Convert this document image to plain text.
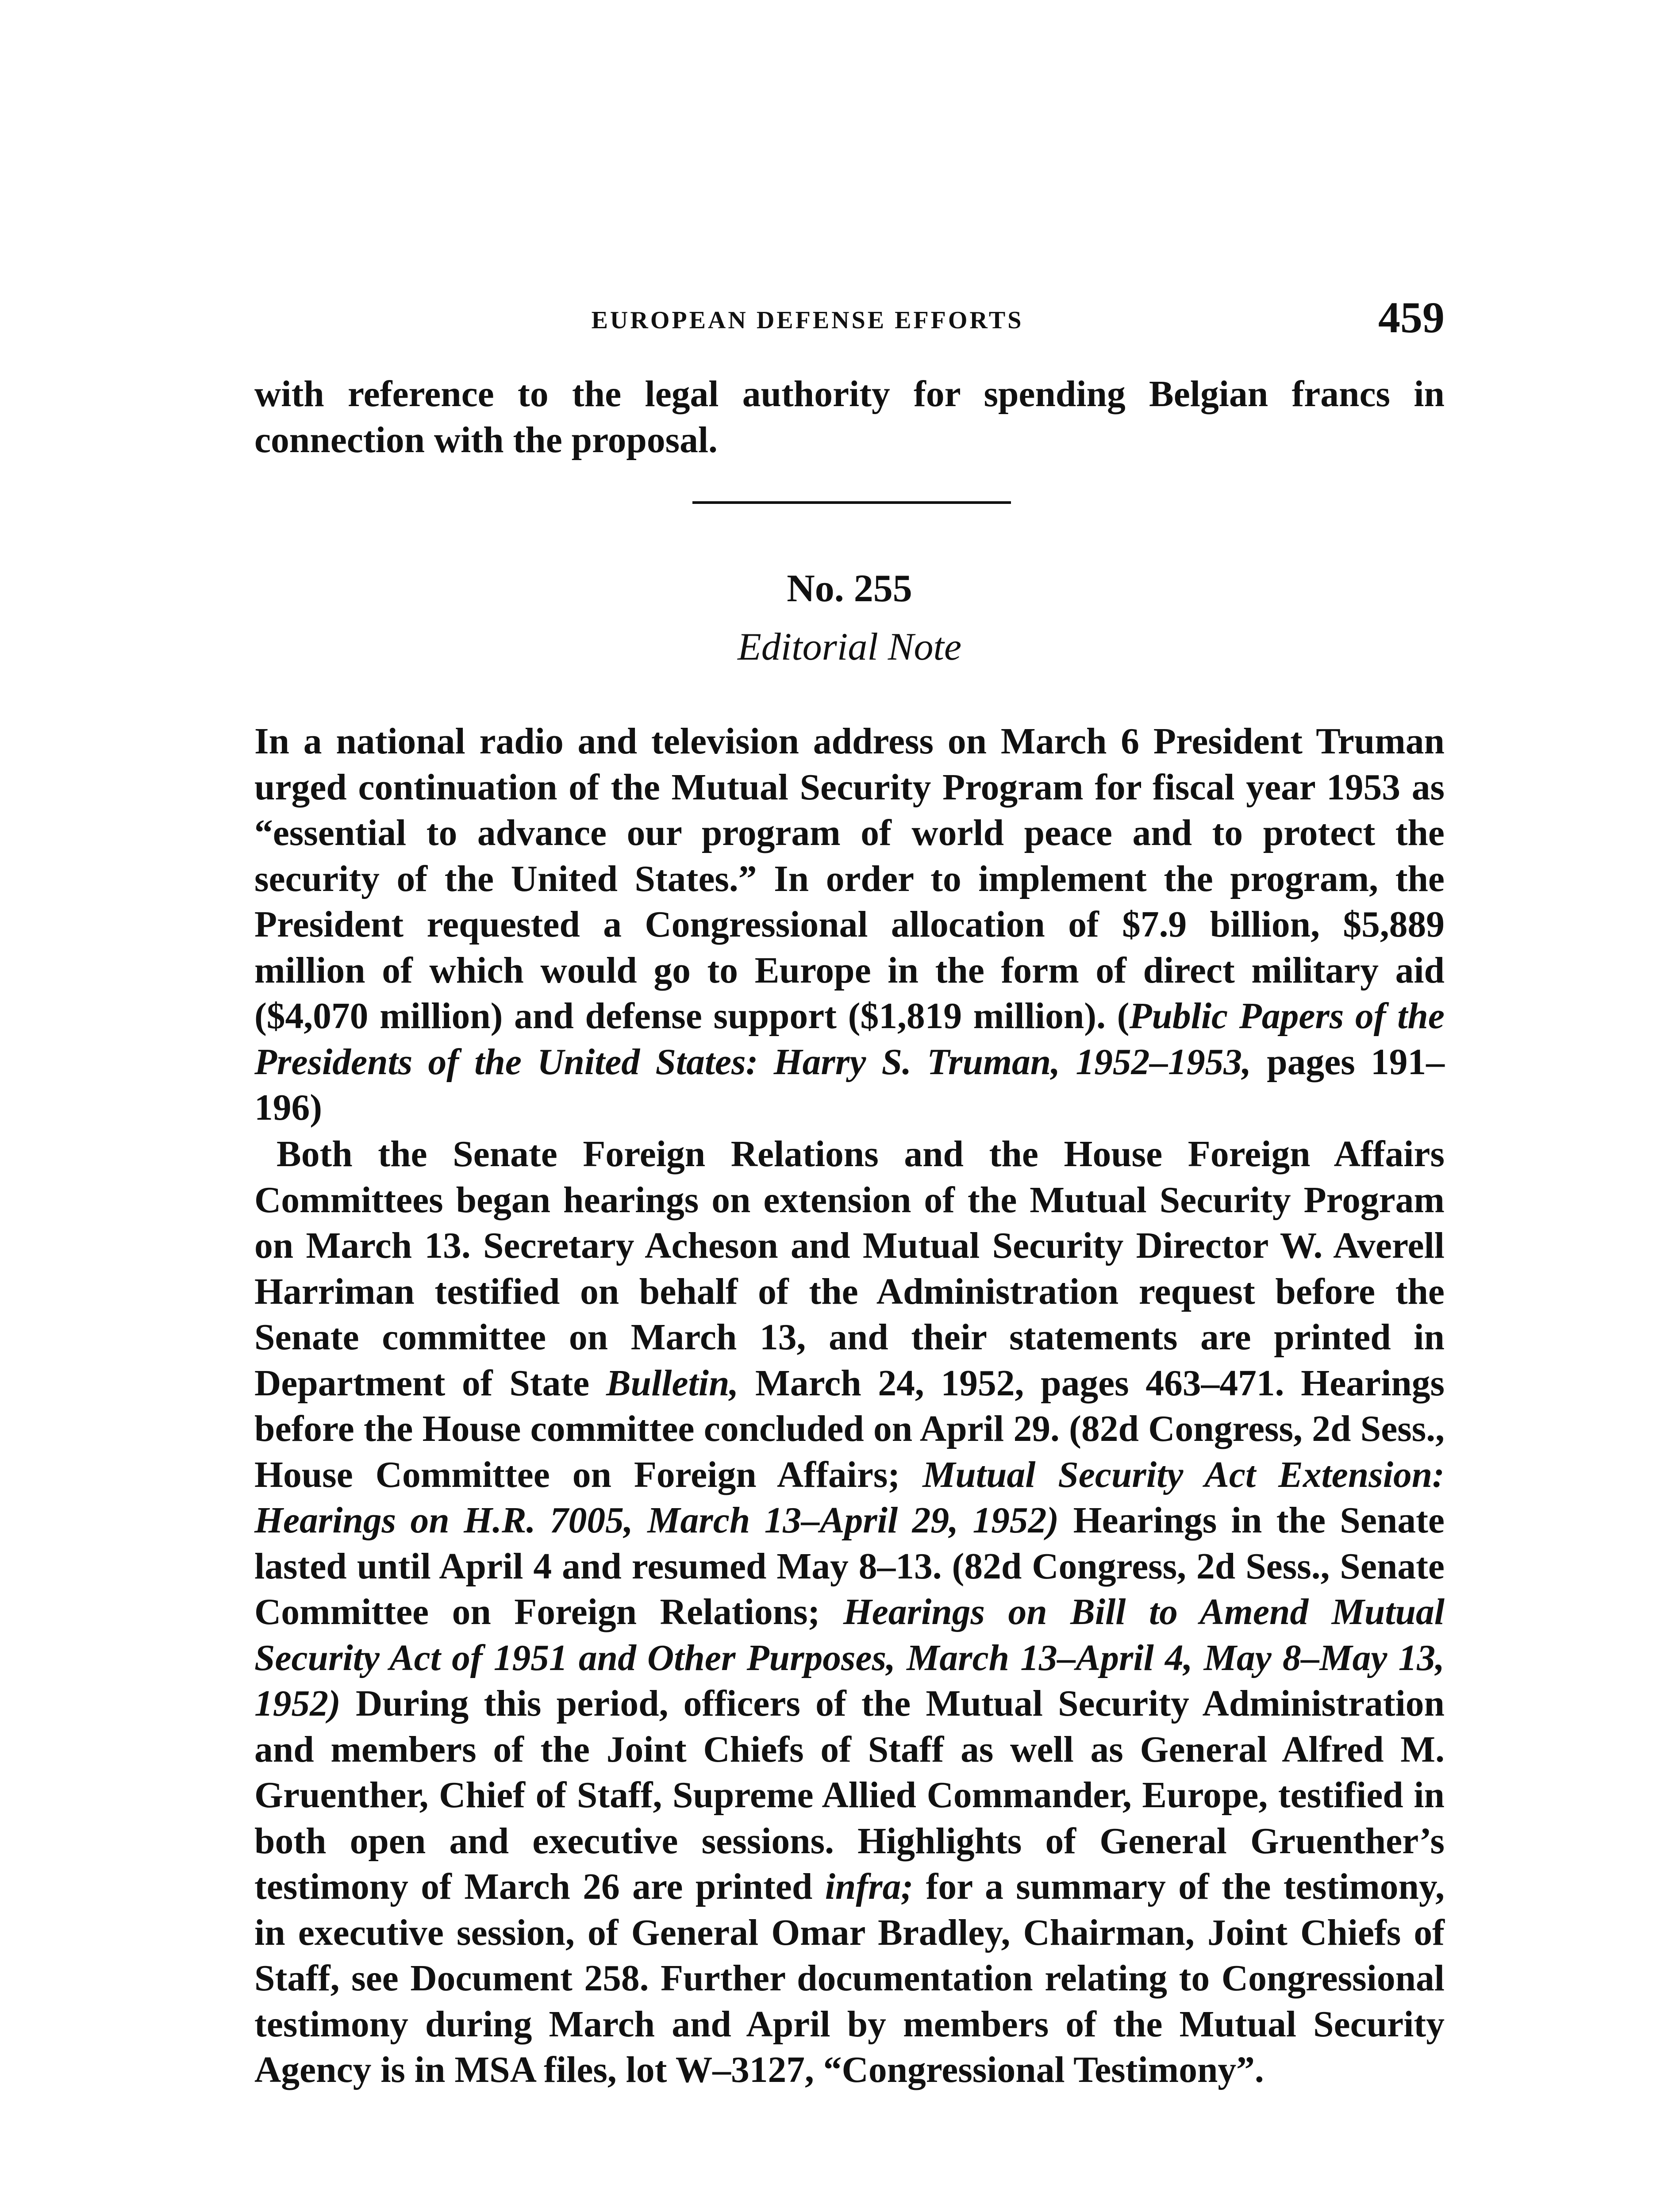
EUROPEAN DEFENSE EFFORTS	459

with reference to the legal authority for spending Belgian francs in connection with the proposal.

No. 255
Editorial Note

In a national radio and television address on March 6 President Truman urged continuation of the Mutual Security Program for fiscal year 1953 as “essential to advance our program of world peace and to protect the security of the United States.” In order to implement the program, the President requested a Congressional allocation of $7.9 billion, $5,889 million of which would go to Europe in the form of direct military aid ($4,070 million) and defense support ($1,819 million). (Public Papers of the Presidents of the United States: Harry S. Truman, 1952–1953, pages 191–196)

Both the Senate Foreign Relations and the House Foreign Affairs Committees began hearings on extension of the Mutual Security Program on March 13. Secretary Acheson and Mutual Security Director W. Averell Harriman testified on behalf of the Administration request before the Senate committee on March 13, and their statements are printed in Department of State Bulletin, March 24, 1952, pages 463–471. Hearings before the House committee concluded on April 29. (82d Congress, 2d Sess., House Committee on Foreign Affairs; Mutual Security Act Extension: Hearings on H.R. 7005, March 13–April 29, 1952) Hearings in the Senate lasted until April 4 and resumed May 8–13. (82d Congress, 2d Sess., Senate Committee on Foreign Relations; Hearings on Bill to Amend Mutual Security Act of 1951 and Other Purposes, March 13–April 4, May 8–May 13, 1952) During this period, officers of the Mutual Security Administration and members of the Joint Chiefs of Staff as well as General Alfred M. Gruenther, Chief of Staff, Supreme Allied Commander, Europe, testified in both open and executive sessions. Highlights of General Gruenther’s testimony of March 26 are printed infra; for a summary of the testimony, in executive session, of General Omar Bradley, Chairman, Joint Chiefs of Staff, see Document 258. Further documentation relating to Congressional testimony during March and April by members of the Mutual Security Agency is in MSA files, lot W–3127, “Congressional Testimony”.
